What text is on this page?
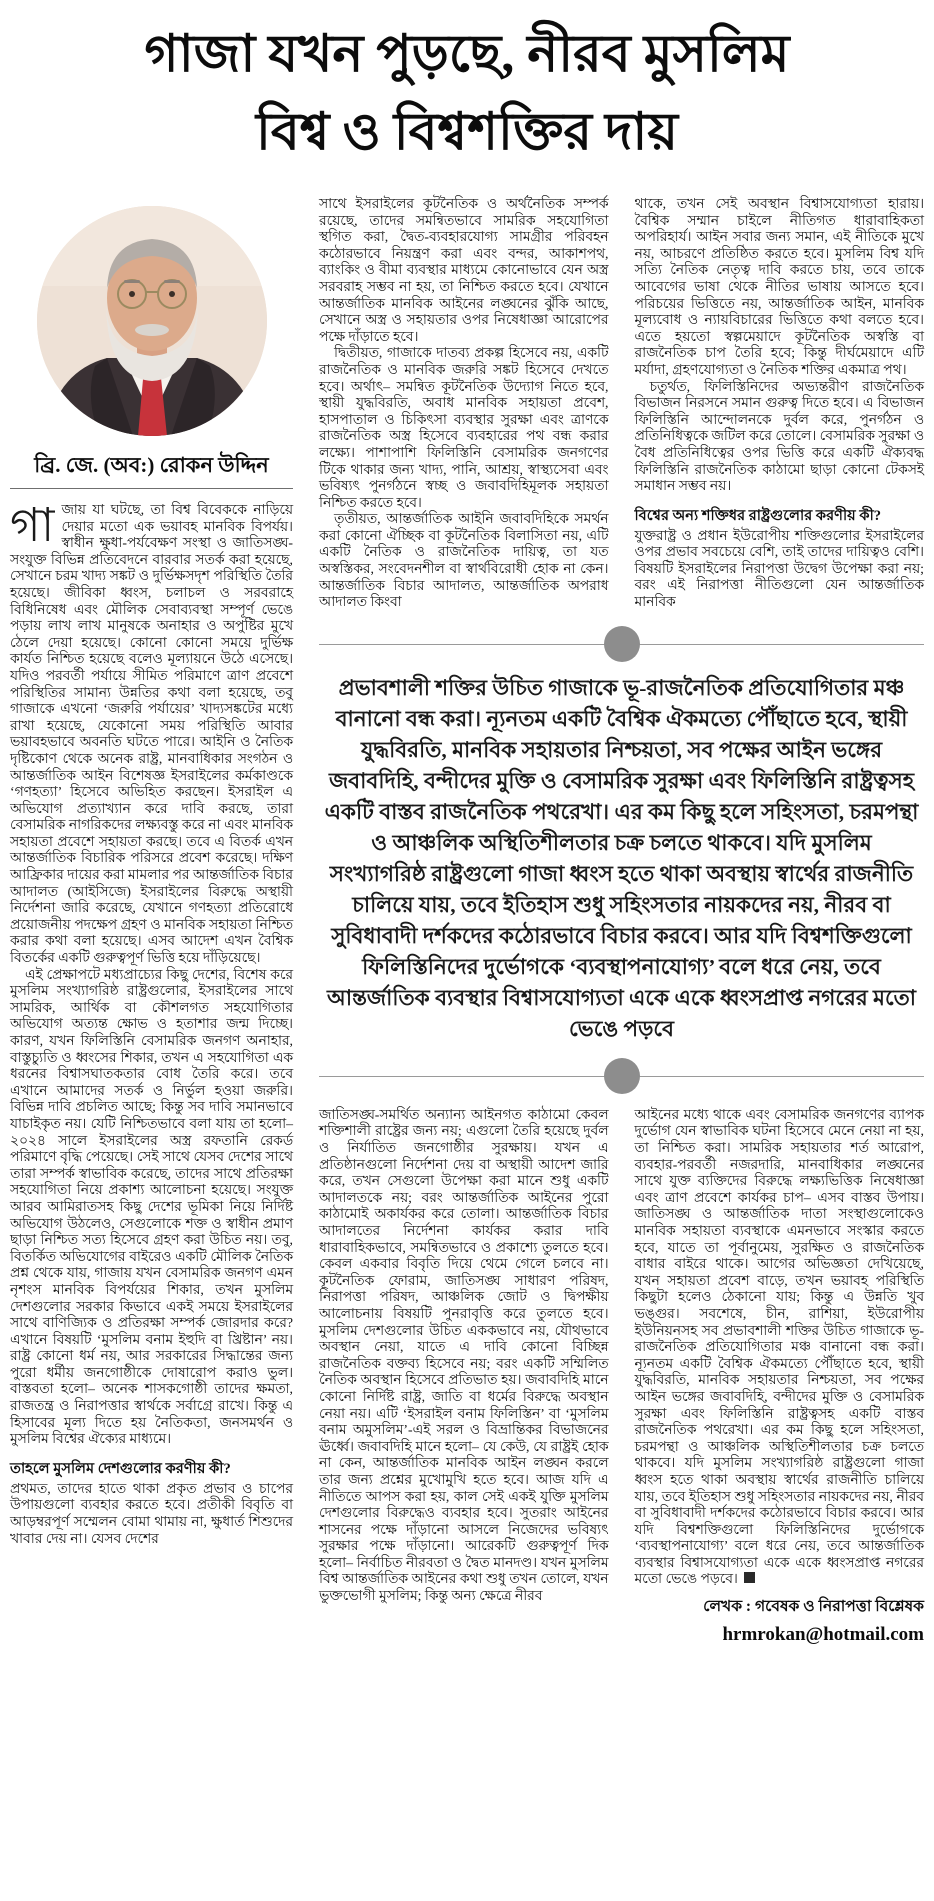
গাজা যখন পুড়ছে, নীরব মুসলিম
বিশ্ব ও বিশ্বশক্তির দায়
ব্রি. জে. (অব:) রোকন উদ্দিন

গাজায় যা ঘটছে, তা বিশ্ব বিবেককে নাড়িয়ে দেয়ার মতো এক ভয়াবহ মানবিক বিপর্যয়। স্বাধীন ক্ষুধা-পর্যবেক্ষণ সংস্থা ও জাতিসঙ্ঘ-সংযুক্ত বিভিন্ন প্রতিবেদনে বারবার সতর্ক করা হয়েছে, সেখানে চরম খাদ্য সঙ্কট ও দুর্ভিক্ষসদৃশ পরিস্থিতি তৈরি হয়েছে। জীবিকা ধ্বংস, চলাচল ও সরবরাহে বিধিনিষেধ এবং মৌলিক সেবাব্যবস্থা সম্পূর্ণ ভেঙে পড়ায় লাখ লাখ মানুষকে অনাহার ও অপুষ্টির মুখে ঠেলে দেয়া হয়েছে। কোনো কোনো সময়ে দুর্ভিক্ষ কার্যত নিশ্চিত হয়েছে বলেও মূল্যায়নে উঠে এসেছে। যদিও পরবর্তী পর্যায়ে সীমিত পরিমাণে ত্রাণ প্রবেশে পরিস্থিতির সামান্য উন্নতির কথা বলা হয়েছে, তবু গাজাকে এখনো ‘জরুরি পর্যায়ের’ খাদ্যসঙ্কটের মধ্যে রাখা হয়েছে, যেকোনো সময় পরিস্থিতি আবার ভয়াবহভাবে অবনতি ঘটতে পারে। আইনি ও নৈতিক দৃষ্টিকোণ থেকে অনেক রাষ্ট্র, মানবাধিকার সংগঠন ও আন্তর্জাতিক আইন বিশেষজ্ঞ ইসরাইলের কর্মকাণ্ডকে ‘গণহত্যা’ হিসেবে অভিহিত করছেন। ইসরাইল এ অভিযোগ প্রত্যাখ্যান করে দাবি করছে, তারা বেসামরিক নাগরিকদের লক্ষ্যবস্তু করে না এবং মানবিক সহায়তা প্রবেশে সহায়তা করছে। তবে এ বিতর্ক এখন আন্তর্জাতিক বিচারিক পরিসরে প্রবেশ করেছে। দক্ষিণ আফ্রিকার দায়ের করা মামলার পর আন্তর্জাতিক বিচার আদালত (আইসিজে) ইসরাইলের বিরুদ্ধে অস্থায়ী নির্দেশনা জারি করেছে, যেখানে গণহত্যা প্রতিরোধে প্রয়োজনীয় পদক্ষেপ গ্রহণ ও মানবিক সহায়তা নিশ্চিত করার কথা বলা হয়েছে। এসব আদেশ এখন বৈশ্বিক বিতর্কের একটি গুরুত্বপূর্ণ ভিত্তি হয়ে দাঁড়িয়েছে।

এই প্রেক্ষাপটে মধ্যপ্রাচ্যের কিছু দেশের, বিশেষ করে মুসলিম সংখ্যাগরিষ্ঠ রাষ্ট্রগুলোর, ইসরাইলের সাথে সামরিক, আর্থিক বা কৌশলগত সহযোগিতার অভিযোগ অত্যন্ত ক্ষোভ ও হতাশার জন্ম দিচ্ছে। কারণ, যখন ফিলিস্তিনি বেসামরিক জনগণ অনাহার, বাস্তুচ্যুতি ও ধ্বংসের শিকার, তখন এ সহযোগিতা এক ধরনের বিশ্বাসঘাতকতার বোধ তৈরি করে। তবে এখানে আমাদের সতর্ক ও নির্ভুল হওয়া জরুরি। বিভিন্ন দাবি প্রচলিত আছে; কিন্তু সব দাবি সমানভাবে যাচাইকৃত নয়। যেটি নিশ্চিতভাবে বলা যায় তা হলো– ২০২৪ সালে ইসরাইলের অস্ত্র রফতানি রেকর্ড পরিমাণে বৃদ্ধি পেয়েছে। সেই সাথে যেসব দেশের সাথে তারা সম্পর্ক স্বাভাবিক করেছে, তাদের সাথে প্রতিরক্ষা সহযোগিতা নিয়ে প্রকাশ্য আলোচনা হয়েছে। সংযুক্ত আরব আমিরাতসহ কিছু দেশের ভূমিকা নিয়ে নির্দিষ্ট অভিযোগ উঠলেও, সেগুলোকে শক্ত ও স্বাধীন প্রমাণ ছাড়া নিশ্চিত সত্য হিসেবে গ্রহণ করা উচিত নয়। তবু, বিতর্কিত অভিযোগের বাইরেও একটি মৌলিক নৈতিক প্রশ্ন থেকে যায়, গাজায় যখন বেসামরিক জনগণ এমন নৃশংস মানবিক বিপর্যয়ের শিকার, তখন মুসলিম দেশগুলোর সরকার কিভাবে একই সময়ে ইসরাইলের সাথে বাণিজ্যিক ও প্রতিরক্ষা সম্পর্ক জোরদার করে? এখানে বিষয়টি ‘মুসলিম বনাম ইহুদি বা খ্রিষ্টান’ নয়। রাষ্ট্র কোনো ধর্ম নয়, আর সরকারের সিদ্ধান্তের জন্য পুরো ধর্মীয় জনগোষ্ঠীকে দোষারোপ করাও ভুল। বাস্তবতা হলো– অনেক শাসকগোষ্ঠী তাদের ক্ষমতা, রাজতন্ত্র ও নিরাপত্তার স্বার্থকে সর্বাগ্রে রাখে। কিন্তু এ হিসাবের মূল্য দিতে হয় নৈতিকতা, জনসমর্থন ও মুসলিম বিশ্বের ঐক্যের মাধ্যমে।

তাহলে মুসলিম দেশগুলোর করণীয় কী?

প্রথমত, তাদের হাতে থাকা প্রকৃত প্রভাব ও চাপের উপায়গুলো ব্যবহার করতে হবে। প্রতীকী বিবৃতি বা আড়ম্বরপূর্ণ সম্মেলন বোমা থামায় না, ক্ষুধার্ত শিশুদের খাবার দেয় না। যেসব দেশের

সাথে ইসরাইলের কূটনৈতিক ও অর্থনৈতিক সম্পর্ক রয়েছে, তাদের সমন্বিতভাবে সামরিক সহযোগিতা স্থগিত করা, দ্বৈত-ব্যবহারযোগ্য সামগ্রীর পরিবহন কঠোরভাবে নিয়ন্ত্রণ করা এবং বন্দর, আকাশপথ, ব্যাংকিং ও বীমা ব্যবস্থার মাধ্যমে কোনোভাবে যেন অস্ত্র সরবরাহ সম্ভব না হয়, তা নিশ্চিত করতে হবে। যেখানে আন্তর্জাতিক মানবিক আইনের লঙ্ঘনের ঝুঁকি আছে, সেখানে অস্ত্র ও সহায়তার ওপর নিষেধাজ্ঞা আরোপের পক্ষে দাঁড়াতে হবে।

দ্বিতীয়ত, গাজাকে দাতব্য প্রকল্প হিসেবে নয়, একটি রাজনৈতিক ও মানবিক জরুরি সঙ্কট হিসেবে দেখতে হবে। অর্থাৎ– সমন্বিত কূটনৈতিক উদ্যোগ নিতে হবে, স্থায়ী যুদ্ধবিরতি, অবাধ মানবিক সহায়তা প্রবেশ, হাসপাতাল ও চিকিৎসা ব্যবস্থার সুরক্ষা এবং ত্রাণকে রাজনৈতিক অস্ত্র হিসেবে ব্যবহারের পথ বন্ধ করার লক্ষ্যে। পাশাপাশি ফিলিস্তিনি বেসামরিক জনগণের টিকে থাকার জন্য খাদ্য, পানি, আশ্রয়, স্বাস্থ্যসেবা এবং ভবিষ্যৎ পুনর্গঠনে স্বচ্ছ ও জবাবদিহিমূলক সহায়তা নিশ্চিত করতে হবে।

তৃতীয়ত, আন্তর্জাতিক আইনি জবাবদিহিকে সমর্থন করা কোনো ঐচ্ছিক বা কূটনৈতিক বিলাসিতা নয়, এটি একটি নৈতিক ও রাজনৈতিক দায়িত্ব, তা যত অস্বস্তিকর, সংবেদনশীল বা স্বার্থবিরোধী হোক না কেন। আন্তর্জাতিক বিচার আদালত, আন্তর্জাতিক অপরাধ আদালত কিংবা

থাকে, তখন সেই অবস্থান বিশ্বাসযোগ্যতা হারায়। বৈশ্বিক সম্মান চাইলে নীতিগত ধারাবাহিকতা অপরিহার্য। আইন সবার জন্য সমান, এই নীতিকে মুখে নয়, আচরণে প্রতিষ্ঠিত করতে হবে। মুসলিম বিশ্ব যদি সত্যি নৈতিক নেতৃত্ব দাবি করতে চায়, তবে তাকে আবেগের ভাষা থেকে নীতির ভাষায় আসতে হবে। পরিচয়ের ভিত্তিতে নয়, আন্তর্জাতিক আইন, মানবিক মূল্যবোধ ও ন্যায়বিচারের ভিত্তিতে কথা বলতে হবে। এতে হয়তো স্বল্পমেয়াদে কূটনৈতিক অস্বস্তি বা রাজনৈতিক চাপ তৈরি হবে; কিন্তু দীর্ঘমেয়াদে এটি মর্যাদা, গ্রহণযোগ্যতা ও নৈতিক শক্তির একমাত্র পথ।

চতুর্থত, ফিলিস্তিনিদের অভ্যন্তরীণ রাজনৈতিক বিভাজন নিরসনে সমান গুরুত্ব দিতে হবে। এ বিভাজন ফিলিস্তিনি আন্দোলনকে দুর্বল করে, পুনর্গঠন ও প্রতিনিধিত্বকে জটিল করে তোলে। বেসামরিক সুরক্ষা ও বৈধ প্রতিনিধিত্বের ওপর ভিত্তি করে একটি ঐক্যবদ্ধ ফিলিস্তিনি রাজনৈতিক কাঠামো ছাড়া কোনো টেকসই সমাধান সম্ভব নয়।

বিশ্বের অন্য শক্তিধর রাষ্ট্রগুলোর করণীয় কী?

যুক্তরাষ্ট্র ও প্রধান ইউরোপীয় শক্তিগুলোর ইসরাইলের ওপর প্রভাব সবচেয়ে বেশি, তাই তাদের দায়িত্বও বেশি। বিষয়টি ইসরাইলের নিরাপত্তা উদ্বেগ উপেক্ষা করা নয়; বরং এই নিরাপত্তা নীতিগুলো যেন আন্তর্জাতিক মানবিক

প্রভাবশালী শক্তির উচিত গাজাকে ভূ-রাজনৈতিক প্রতিযোগিতার মঞ্চ বানানো বন্ধ করা। ন্যূনতম একটি বৈশ্বিক ঐকমত্যে পৌঁছাতে হবে, স্থায়ী যুদ্ধবিরতি, মানবিক সহায়তার নিশ্চয়তা, সব পক্ষের আইন ভঙ্গের জবাবদিহি, বন্দীদের মুক্তি ও বেসামরিক সুরক্ষা এবং ফিলিস্তিনি রাষ্ট্রত্বসহ একটি বাস্তব রাজনৈতিক পথরেখা। এর কম কিছু হলে সহিংসতা, চরমপন্থা ও আঞ্চলিক অস্থিতিশীলতার চক্র চলতে থাকবে। যদি মুসলিম সংখ্যাগরিষ্ঠ রাষ্ট্রগুলো গাজা ধ্বংস হতে থাকা অবস্থায় স্বার্থের রাজনীতি চালিয়ে যায়, তবে ইতিহাস শুধু সহিংসতার নায়কদের নয়, নীরব বা সুবিধাবাদী দর্শকদের কঠোরভাবে বিচার করবে। আর যদি বিশ্বশক্তিগুলো ফিলিস্তিনিদের দুর্ভোগকে ‘ব্যবস্থাপনাযোগ্য’ বলে ধরে নেয়, তবে আন্তর্জাতিক ব্যবস্থার বিশ্বাসযোগ্যতা একে একে ধ্বংসপ্রাপ্ত নগরের মতো ভেঙে পড়বে

জাতিসঙ্ঘ-সমর্থিত অন্যান্য আইনগত কাঠামো কেবল শক্তিশালী রাষ্ট্রের জন্য নয়; এগুলো তৈরি হয়েছে দুর্বল ও নির্যাতিত জনগোষ্ঠীর সুরক্ষায়। যখন এ প্রতিষ্ঠানগুলো নির্দেশনা দেয় বা অস্থায়ী আদেশ জারি করে, তখন সেগুলো উপেক্ষা করা মানে শুধু একটি আদালতকে নয়; বরং আন্তর্জাতিক আইনের পুরো কাঠামোই অকার্যকর করে তোলা। আন্তর্জাতিক বিচার আদালতের নির্দেশনা কার্যকর করার দাবি ধারাবাহিকভাবে, সমন্বিতভাবে ও প্রকাশ্যে তুলতে হবে। কেবল একবার বিবৃতি দিয়ে থেমে গেলে চলবে না। কূটনৈতিক ফোরাম, জাতিসঙ্ঘ সাধারণ পরিষদ, নিরাপত্তা পরিষদ, আঞ্চলিক জোট ও দ্বিপক্ষীয় আলোচনায় বিষয়টি পুনরাবৃত্তি করে তুলতে হবে। মুসলিম দেশগুলোর উচিত এককভাবে নয়, যৌথভাবে অবস্থান নেয়া, যাতে এ দাবি কোনো বিচ্ছিন্ন রাজনৈতিক বক্তব্য হিসেবে নয়; বরং একটি সম্মিলিত নৈতিক অবস্থান হিসেবে প্রতিভাত হয়। জবাবদিহি মানে কোনো নির্দিষ্ট রাষ্ট্র, জাতি বা ধর্মের বিরুদ্ধে অবস্থান নেয়া নয়। এটি ‘ইসরাইল বনাম ফিলিস্তিন’ বা ‘মুসলিম বনাম অমুসলিম’-এই সরল ও বিভ্রান্তিকর বিভাজনের ঊর্ধ্বে। জবাবদিহি মানে হলো– যে কেউ, যে রাষ্ট্রই হোক না কেন, আন্তর্জাতিক মানবিক আইন লঙ্ঘন করলে তার জন্য প্রশ্নের মুখোমুখি হতে হবে। আজ যদি এ নীতিতে আপস করা হয়, কাল সেই একই যুক্তি মুসলিম দেশগুলোর বিরুদ্ধেও ব্যবহার হবে। সুতরাং আইনের শাসনের পক্ষে দাঁড়ানো আসলে নিজেদের ভবিষ্যৎ সুরক্ষার পক্ষে দাঁড়ানো। আরেকটি গুরুত্বপূর্ণ দিক হলো– নির্বাচিত নীরবতা ও দ্বৈত মানদণ্ড। যখন মুসলিম বিশ্ব আন্তর্জাতিক আইনের কথা শুধু তখন তোলে, যখন ভুক্তভোগী মুসলিম; কিন্তু অন্য ক্ষেত্রে নীরব

আইনের মধ্যে থাকে এবং বেসামরিক জনগণের ব্যাপক দুর্ভোগ যেন স্বাভাবিক ঘটনা হিসেবে মেনে নেয়া না হয়, তা নিশ্চিত করা। সামরিক সহায়তার শর্ত আরোপ, ব্যবহার-পরবর্তী নজরদারি, মানবাধিকার লঙ্ঘনের সাথে যুক্ত ব্যক্তিদের বিরুদ্ধে লক্ষ্যভিত্তিক নিষেধাজ্ঞা এবং ত্রাণ প্রবেশে কার্যকর চাপ– এসব বাস্তব উপায়। জাতিসঙ্ঘ ও আন্তর্জাতিক দাতা সংস্থাগুলোকেও মানবিক সহায়তা ব্যবস্থাকে এমনভাবে সংস্কার করতে হবে, যাতে তা পূর্বানুমেয়, সুরক্ষিত ও রাজনৈতিক বাধার বাইরে থাকে। আগের অভিজ্ঞতা দেখিয়েছে, যখন সহায়তা প্রবেশ বাড়ে, তখন ভয়াবহ পরিস্থিতি কিছুটা হলেও ঠেকানো যায়; কিন্তু এ উন্নতি খুব ভঙ্গুর। সবশেষে, চীন, রাশিয়া, ইউরোপীয় ইউনিয়নসহ সব প্রভাবশালী শক্তির উচিত গাজাকে ভূ-রাজনৈতিক প্রতিযোগিতার মঞ্চ বানানো বন্ধ করা। ন্যূনতম একটি বৈশ্বিক ঐকমত্যে পৌঁছাতে হবে, স্থায়ী যুদ্ধবিরতি, মানবিক সহায়তার নিশ্চয়তা, সব পক্ষের আইন ভঙ্গের জবাবদিহি, বন্দীদের মুক্তি ও বেসামরিক সুরক্ষা এবং ফিলিস্তিনি রাষ্ট্রত্বসহ একটি বাস্তব রাজনৈতিক পথরেখা। এর কম কিছু হলে সহিংসতা, চরমপন্থা ও আঞ্চলিক অস্থিতিশীলতার চক্র চলতে থাকবে। যদি মুসলিম সংখ্যাগরিষ্ঠ রাষ্ট্রগুলো গাজা ধ্বংস হতে থাকা অবস্থায় স্বার্থের রাজনীতি চালিয়ে যায়, তবে ইতিহাস শুধু সহিংসতার নায়কদের নয়, নীরব বা সুবিধাবাদী দর্শকদের কঠোরভাবে বিচার করবে। আর যদি বিশ্বশক্তিগুলো ফিলিস্তিনিদের দুর্ভোগকে ‘ব্যবস্থাপনাযোগ্য’ বলে ধরে নেয়, তবে আন্তর্জাতিক ব্যবস্থার বিশ্বাসযোগ্যতা একে একে ধ্বংসপ্রাপ্ত নগরের মতো ভেঙে পড়বে।

লেখক : গবেষক ও নিরাপত্তা বিশ্লেষক
hrmrokan@hotmail.com
